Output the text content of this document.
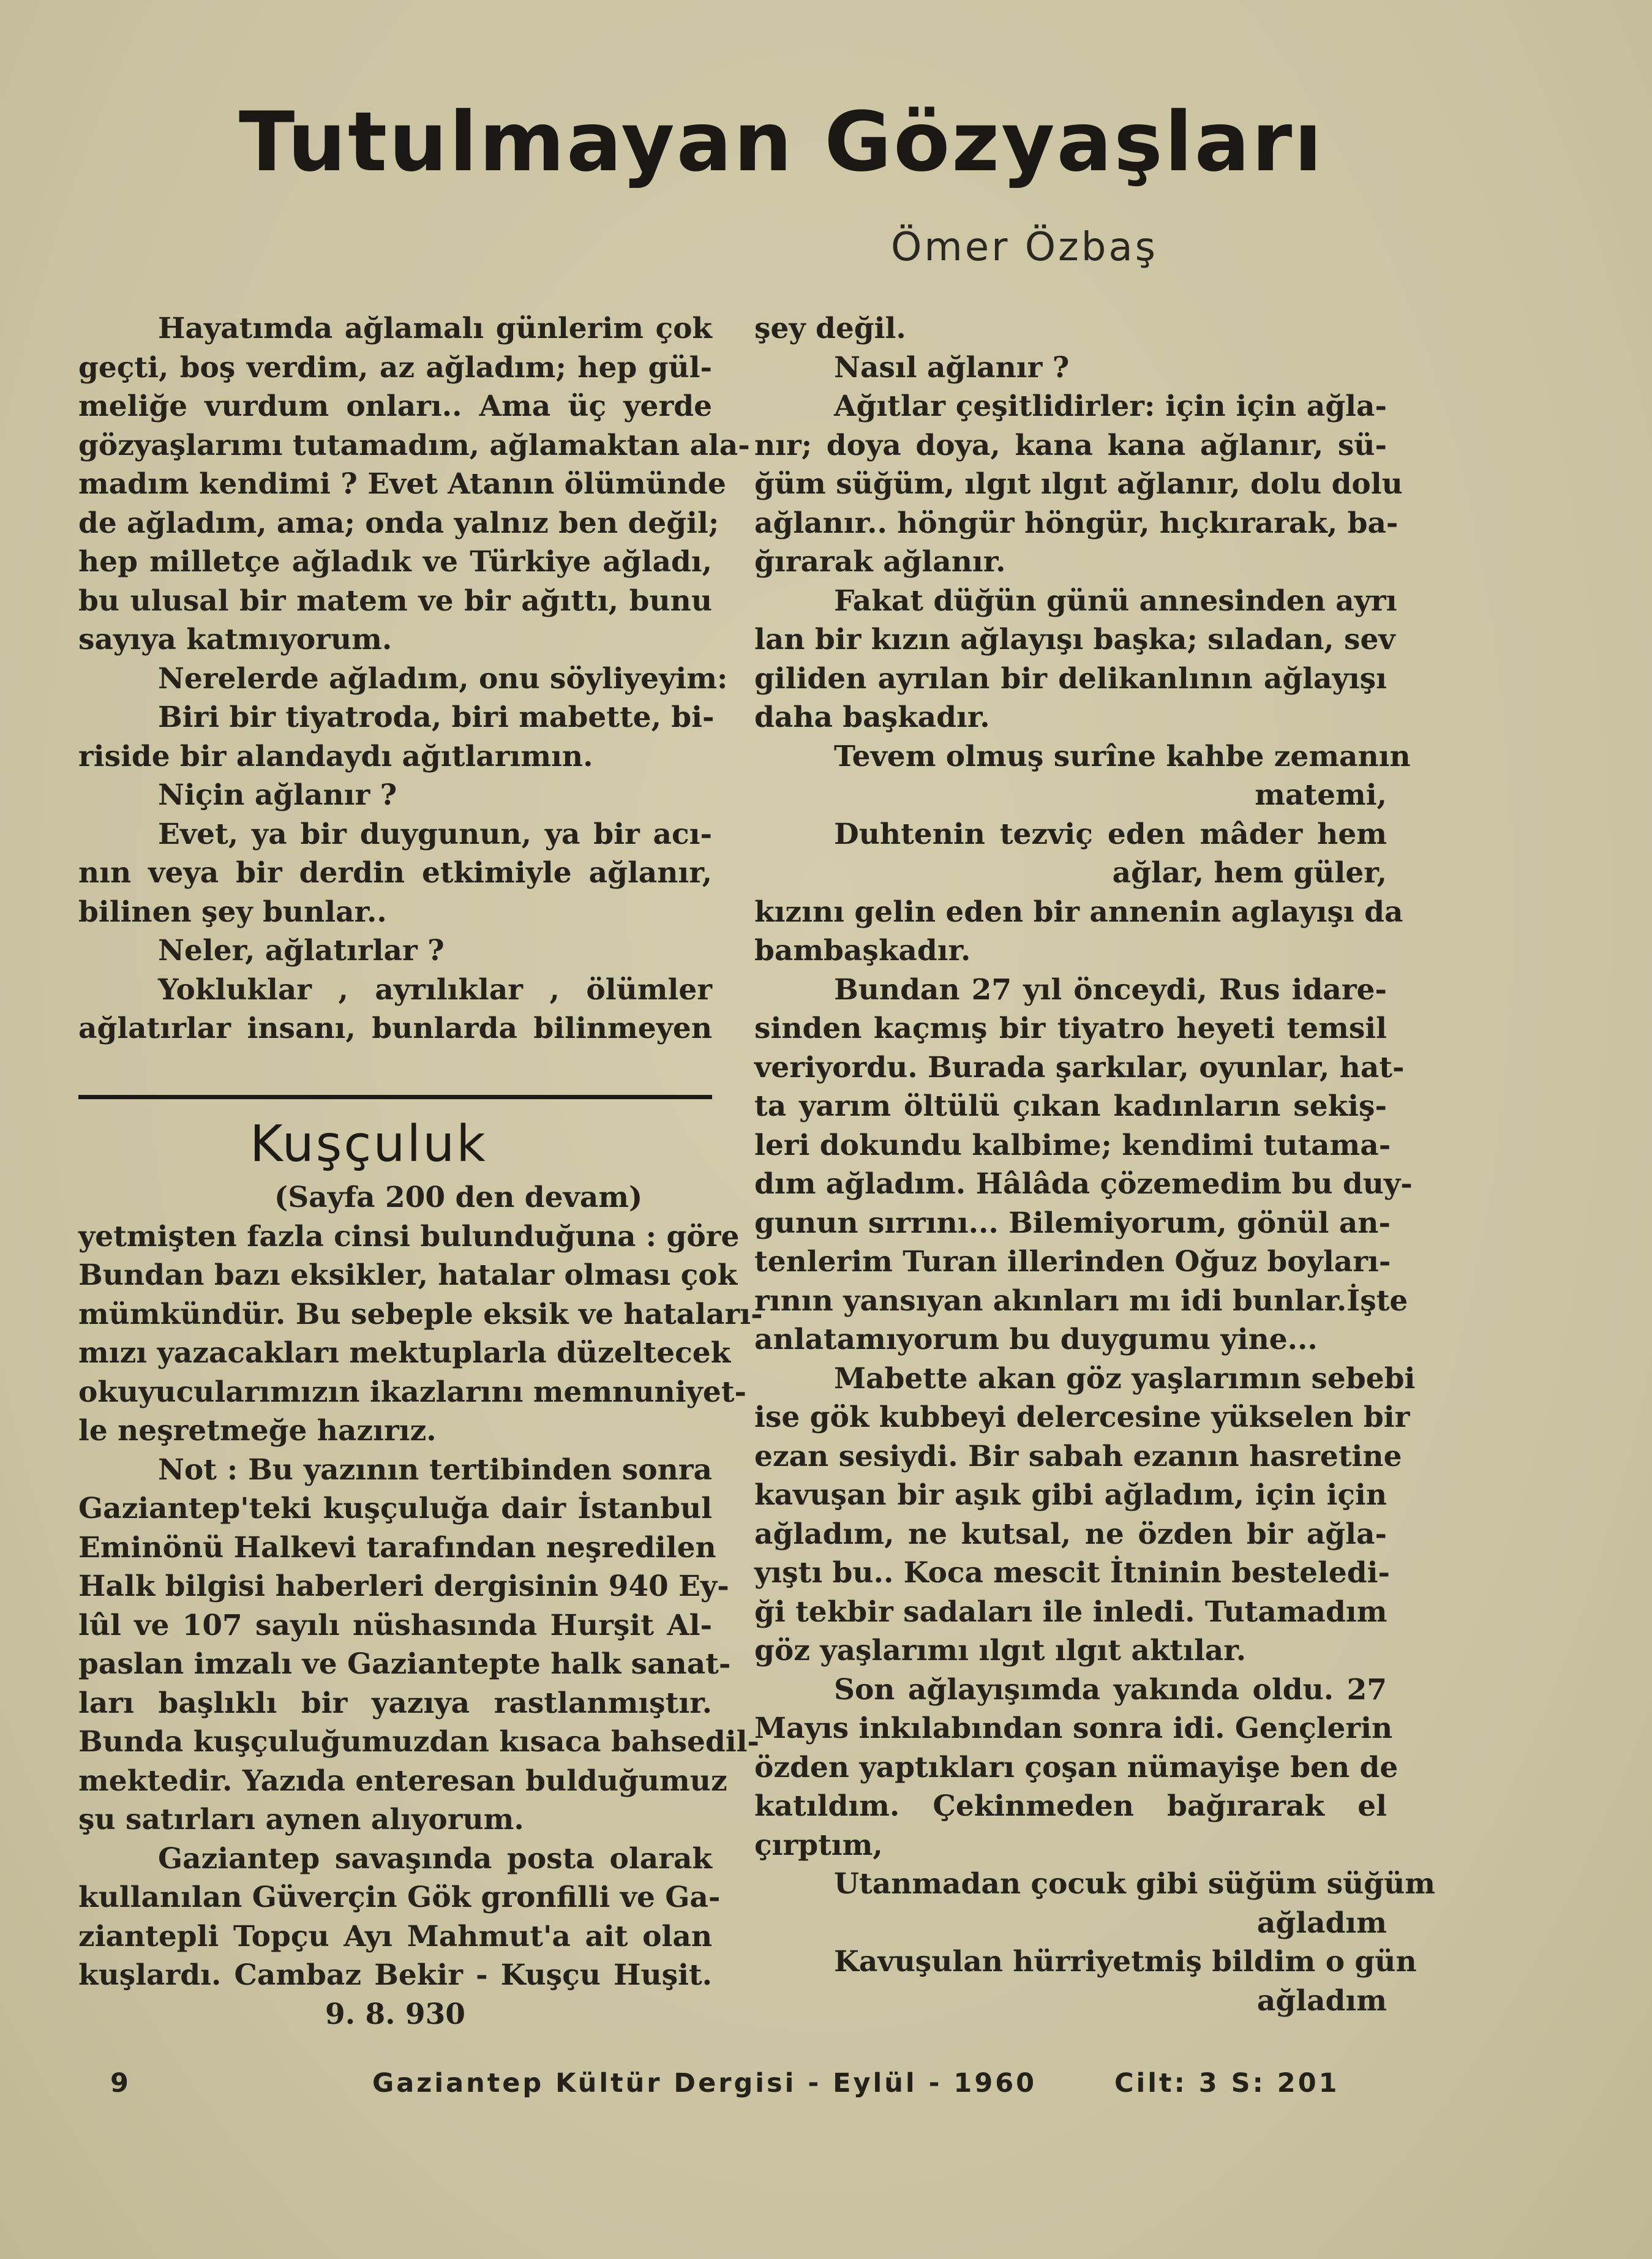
Tutulmayan Gözyaşları
Ömer Özbaş

Hayatımda ağlamalı günlerim çok

geçti, boş verdim, az ağladım; hep gül-

meliğe vurdum onları.. Ama üç yerde

gözyaşlarımı tutamadım, ağlamaktan ala-

madım kendimi ? Evet Atanın ölümünde

de ağladım, ama; onda yalnız ben değil;

hep milletçe ağladık ve Türkiye ağladı,

bu ulusal bir matem ve bir ağıttı, bunu

sayıya katmıyorum.

Nerelerde ağladım, onu söyliyeyim:

Biri bir tiyatroda, biri mabette, bi-

riside bir alandaydı ağıtlarımın.

Niçin ağlanır ?

Evet, ya bir duygunun, ya bir acı-

nın veya bir derdin etkimiyle ağlanır,

bilinen şey bunlar..

Neler, ağlatırlar ?

Yokluklar , ayrılıklar , ölümler

ağlatırlar insanı, bunlarda bilinmeyen

Kuşçuluk

(Sayfa 200 den devam)

yetmişten fazla cinsi bulunduğuna : göre

Bundan bazı eksikler, hatalar olması çok

mümkündür. Bu sebeple eksik ve hataları-

mızı yazacakları mektuplarla düzeltecek

okuyucularımızın ikazlarını memnuniyet-

le neşretmeğe hazırız.

Not : Bu yazının tertibinden sonra

Gaziantep'teki kuşçuluğa dair İstanbul

Eminönü Halkevi tarafından neşredilen

Halk bilgisi haberleri dergisinin 940 Ey-

lûl ve 107 sayılı nüshasında Hurşit Al-

paslan imzalı ve Gaziantepte halk sanat-

ları başlıklı bir yazıya rastlanmıştır.

Bunda kuşçuluğumuzdan kısaca bahsedil-

mektedir. Yazıda enteresan bulduğumuz

şu satırları aynen alıyorum.

Gaziantep savaşında posta olarak

kullanılan Güverçin Gök gronfilli ve Ga-

ziantepli Topçu Ayı Mahmut'a ait olan

kuşlardı. Cambaz Bekir - Kuşçu Huşit.

9. 8. 930

şey değil.

Nasıl ağlanır ?

Ağıtlar çeşitlidirler: için için ağla-

nır; doya doya, kana kana ağlanır, sü-

ğüm süğüm, ılgıt ılgıt ağlanır, dolu dolu

ağlanır.. höngür höngür, hıçkırarak, ba-

ğırarak ağlanır.

Fakat düğün günü annesinden ayrı

lan bir kızın ağlayışı başka; sıladan, sev

giliden ayrılan bir delikanlının ağlayışı

daha başkadır.

Tevem olmuş surîne kahbe zemanın

matemi,

Duhtenin tezviç eden mâder hem

ağlar, hem güler,

kızını gelin eden bir annenin aglayışı da

bambaşkadır.

Bundan 27 yıl önceydi, Rus idare-

sinden kaçmış bir tiyatro heyeti temsil

veriyordu. Burada şarkılar, oyunlar, hat-

ta yarım öltülü çıkan kadınların sekiş-

leri dokundu kalbime; kendimi tutama-

dım ağladım. Hâlâda çözemedim bu duy-

gunun sırrını... Bilemiyorum, gönül an-

tenlerim Turan illerinden Oğuz boyları-

rının yansıyan akınları mı idi bunlar.İşte

anlatamıyorum bu duygumu yine...

Mabette akan göz yaşlarımın sebebi

ise gök kubbeyi delercesine yükselen bir

ezan sesiydi. Bir sabah ezanın hasretine

kavuşan bir aşık gibi ağladım, için için

ağladım, ne kutsal, ne özden bir ağla-

yıştı bu.. Koca mescit İtninin besteledi-

ği tekbir sadaları ile inledi. Tutamadım

göz yaşlarımı ılgıt ılgıt aktılar.

Son ağlayışımda yakında oldu. 27

Mayıs inkılabından sonra idi. Gençlerin

özden yaptıkları çoşan nümayişe ben de

katıldım. Çekinmeden bağırarak el

çırptım,

Utanmadan çocuk gibi süğüm süğüm

ağladım

Kavuşulan hürriyetmiş bildim o gün

ağladım

9	Gaziantep Kültür Dergisi - Eylül - 1960	Cilt: 3 S: 201
